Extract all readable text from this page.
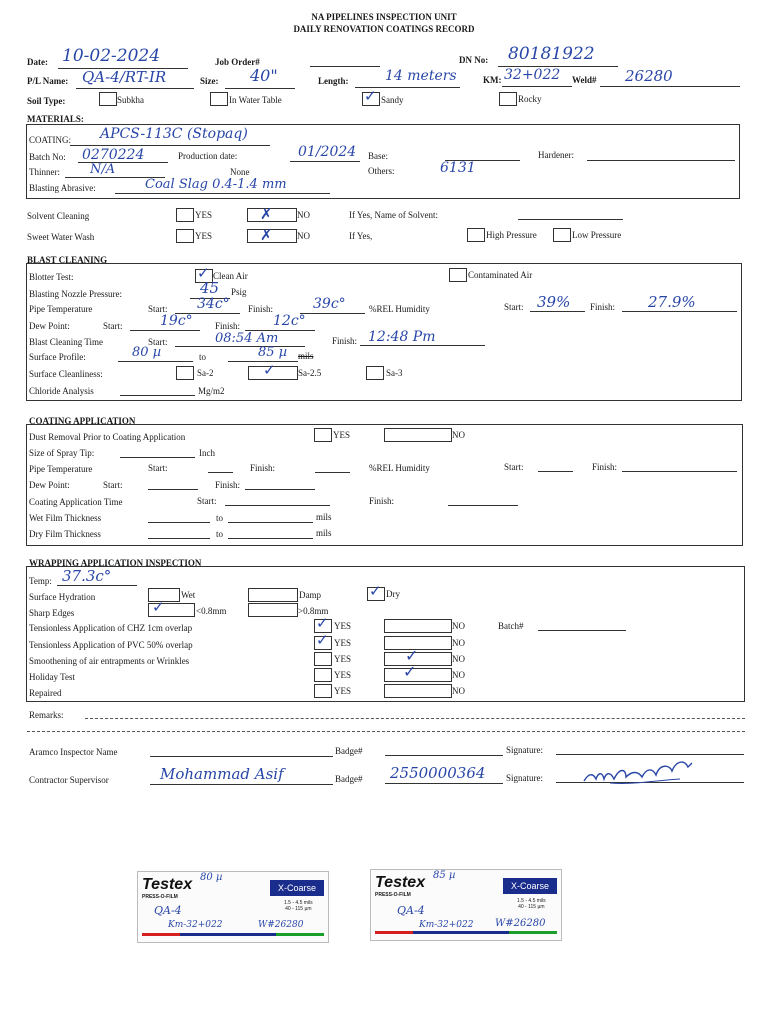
NA PIPELINES INSPECTION UNIT
DAILY RENOVATION COATINGS RECORD
Date: 10-02-2024	Job Order#	DN No: 80181922
P/L Name: QA-4/RT-IR	Size: 40"	Length:	14 meters	KM: 32+022 Weld# 26280
Soil Type:	Subkha	In Water Table	✓ Sandy	Rocky
MATERIALS:
COATING: APCS-113C (Stopaq)
Batch No: 0270224	Production date:	01/2024 Base:	Hardener:
Thinner: N/A	None	Others:	6131
Blasting Abrasive:	Coal Slag 0.4-1.4 mm
Solvent Cleaning	YES	✗	NO	If Yes, Name of Solvent:
Sweet Water Wash	YES	✗	NO	If Yes,	High Pressure	Low Pressure
BLAST CLEANING
Blotter Test:	✓ Clean Air	Contaminated Air
Blasting Nozzle Pressure:	45 Psig
Pipe Temperature	Start: 34c° Finish:	39c°	%REL Humidity	Start: 39% Finish: 27.9%
Dew Point:	Start:	19c° Finish: 12c°
Blast Cleaning Time	Start:	08:54 Am	Finish: 12:48 Pm
Surface Profile:	80 µ	to	85 µ mils
Surface Cleanliness:	Sa-2	✓ Sa-2.5	Sa-3
Chloride Analysis	Mg/m2
COATING APPLICATION
Dust Removal Prior to Coating Application	YES	NO
Size of Spray Tip:	Inch
Pipe Temperature	Start:	Finish:	%REL Humidity	Start:	Finish:
Dew Point:	Start:	Finish:
Coating Application Time	Start:	Finish:
Wet Film Thickness	to	mils
Dry Film Thickness	to	mils
WRAPPING APPLICATION INSPECTION
Temp: 37.3c°
Surface Hydration	Wet	Damp	✓ Dry
Sharp Edges	✓	<0.8mm	>0.8mm
Tensionless Application of CHZ 1cm overlap	✓ YES	NO	Batch#
Tensionless Application of PVC 50% overlap	✓ YES	NO
Smoothening of air entrapments or Wrinkles	YES	✓	NO
Holiday Test	YES	✓	NO
Repaired	YES	NO
Remarks:
Aramco Inspector Name	Badge#	Signature:
Contractor Supervisor	Mohammad Asif	Badge# 2550000364 Signature:
Testex
PRESS-O-FILM
80 µ
X-Coarse
1.5 - 4.5 mils
40 - 115 µm
QA-4
Km-32+022	W#26280
Testex
PRESS-O-FILM
85 µ
X-Coarse
1.5 - 4.5 mils
40 - 115 µm
QA-4
Km-32+022 W#26280
